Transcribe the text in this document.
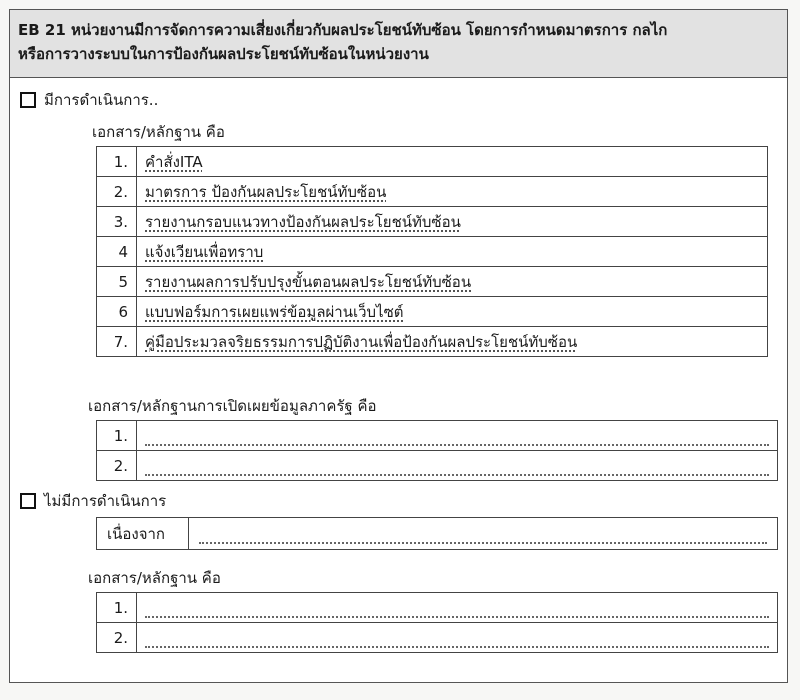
EB 21 หน่วยงานมีการจัดการความเสี่ยงเกี่ยวกับผลประโยชน์ทับซ้อน โดยการกำหนดมาตรการ กลไก
หรือการวางระบบในการป้องกันผลประโยชน์ทับซ้อนในหน่วยงาน
มีการดำเนินการ..
เอกสาร/หลักฐาน คือ
1.	คำสั่งITA
2.	มาตรการ ป้องกันผลประโยชน์ทับซ้อน
3.	รายงานกรอบแนวทางป้องกันผลประโยชน์ทับซ้อน
4	แจ้งเวียนเพื่อทราบ
5	รายงานผลการปรับปรุงขั้นตอนผลประโยชน์ทับซ้อน
6	แบบฟอร์มการเผยแพร่ข้อมูลผ่านเว็บไซต์
7.	คู่มือประมวลจริยธรรมการปฏิบัติงานเพื่อป้องกันผลประโยชน์ทับซ้อน
เอกสาร/หลักฐานการเปิดเผยข้อมูลภาครัฐ คือ
1.	

2.	
ไม่มีการดำเนินการ
เนื่องจาก	
เอกสาร/หลักฐาน คือ
1.	

2.	
